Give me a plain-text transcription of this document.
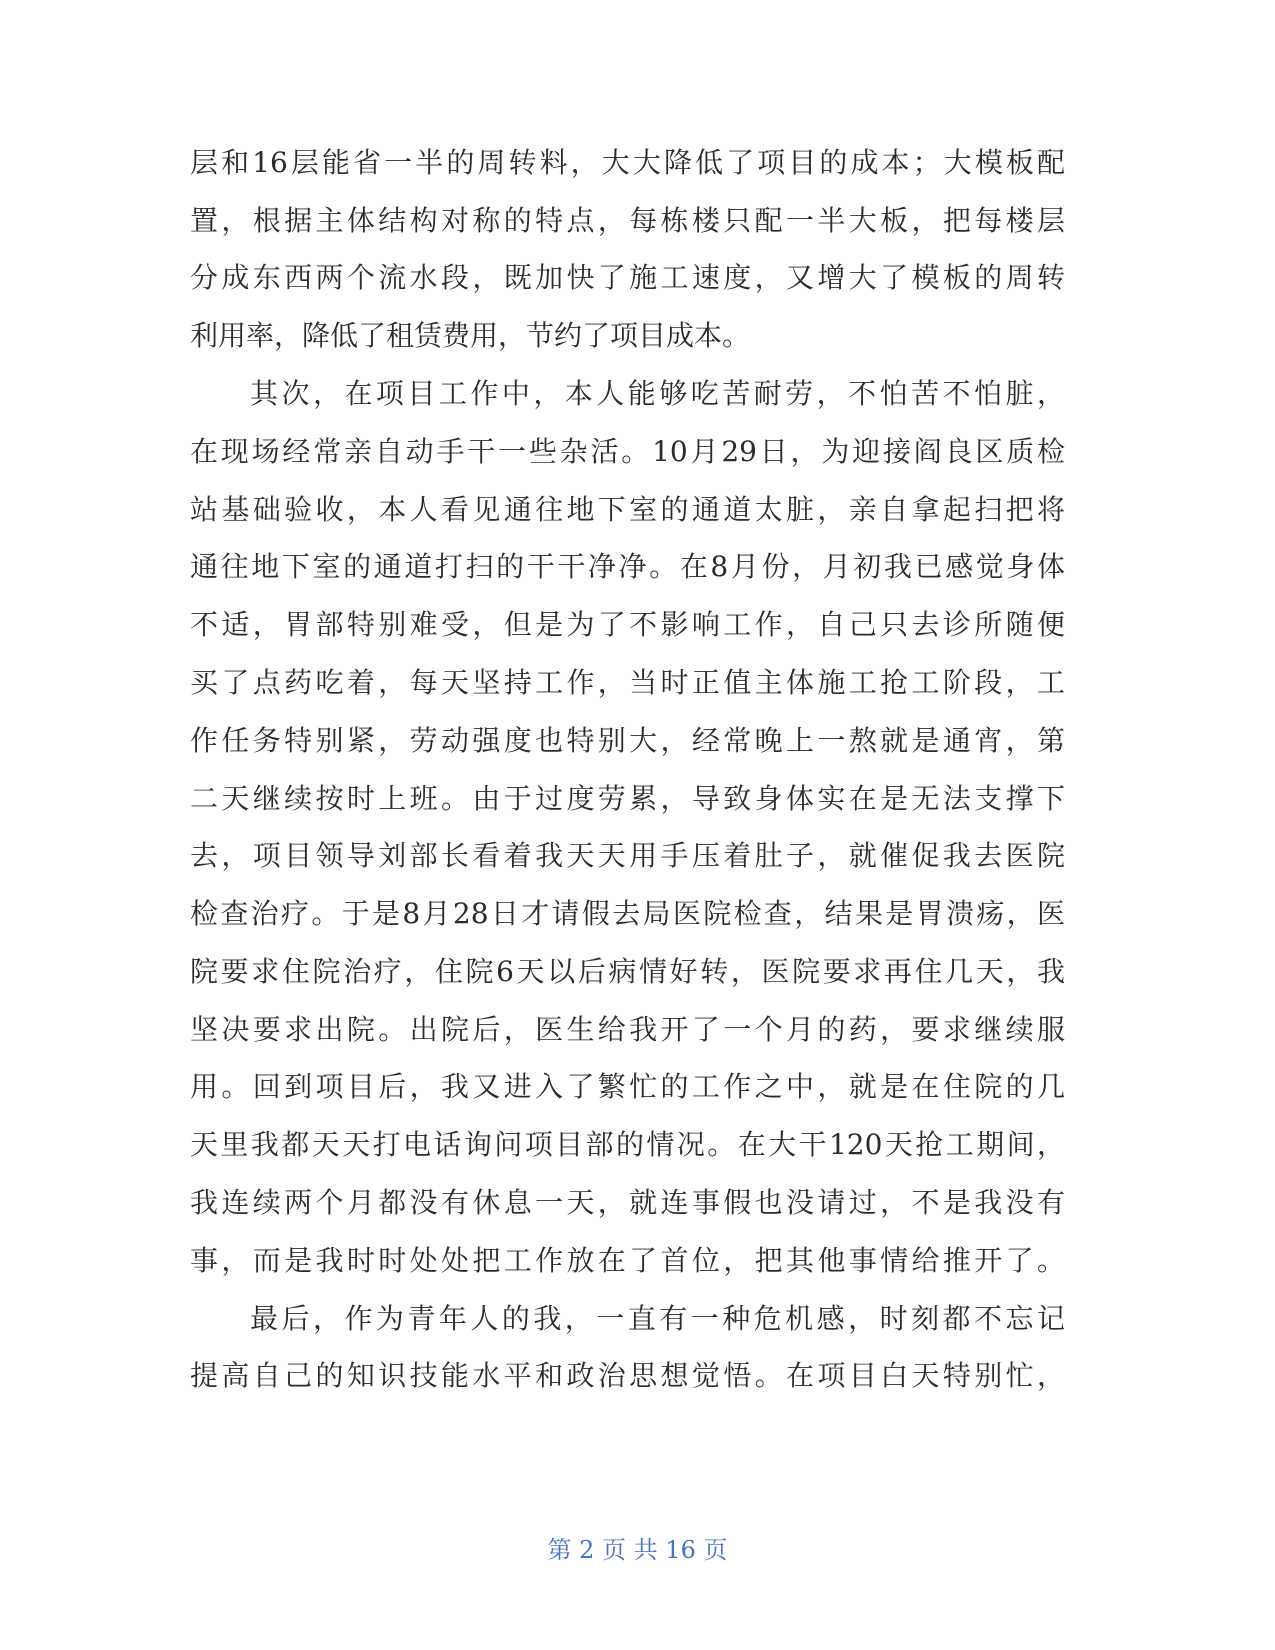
层和16层能省一半的周转料，大大降低了项目的成本；大模板配
置，根据主体结构对称的特点，每栋楼只配一半大板，把每楼层
分成东西两个流水段，既加快了施工速度，又增大了模板的周转
利用率，降低了租赁费用，节约了项目成本。
其次，在项目工作中，本人能够吃苦耐劳，不怕苦不怕脏，
在现场经常亲自动手干一些杂活。10月29日，为迎接阎良区质检
站基础验收，本人看见通往地下室的通道太脏，亲自拿起扫把将
通往地下室的通道打扫的干干净净。在8月份，月初我已感觉身体
不适，胃部特别难受，但是为了不影响工作，自己只去诊所随便
买了点药吃着，每天坚持工作，当时正值主体施工抢工阶段，工
作任务特别紧，劳动强度也特别大，经常晚上一熬就是通宵，第
二天继续按时上班。由于过度劳累，导致身体实在是无法支撑下
去，项目领导刘部长看着我天天用手压着肚子，就催促我去医院
检查治疗。于是8月28日才请假去局医院检查，结果是胃溃疡，医
院要求住院治疗，住院6天以后病情好转，医院要求再住几天，我
坚决要求出院。出院后，医生给我开了一个月的药，要求继续服
用。回到项目后，我又进入了繁忙的工作之中，就是在住院的几
天里我都天天打电话询问项目部的情况。在大干120天抢工期间，
我连续两个月都没有休息一天，就连事假也没请过，不是我没有
事，而是我时时处处把工作放在了首位，把其他事情给推开了。
最后，作为青年人的我，一直有一种危机感，时刻都不忘记
提高自己的知识技能水平和政治思想觉悟。在项目白天特别忙，
第 2 页 共 16 页
